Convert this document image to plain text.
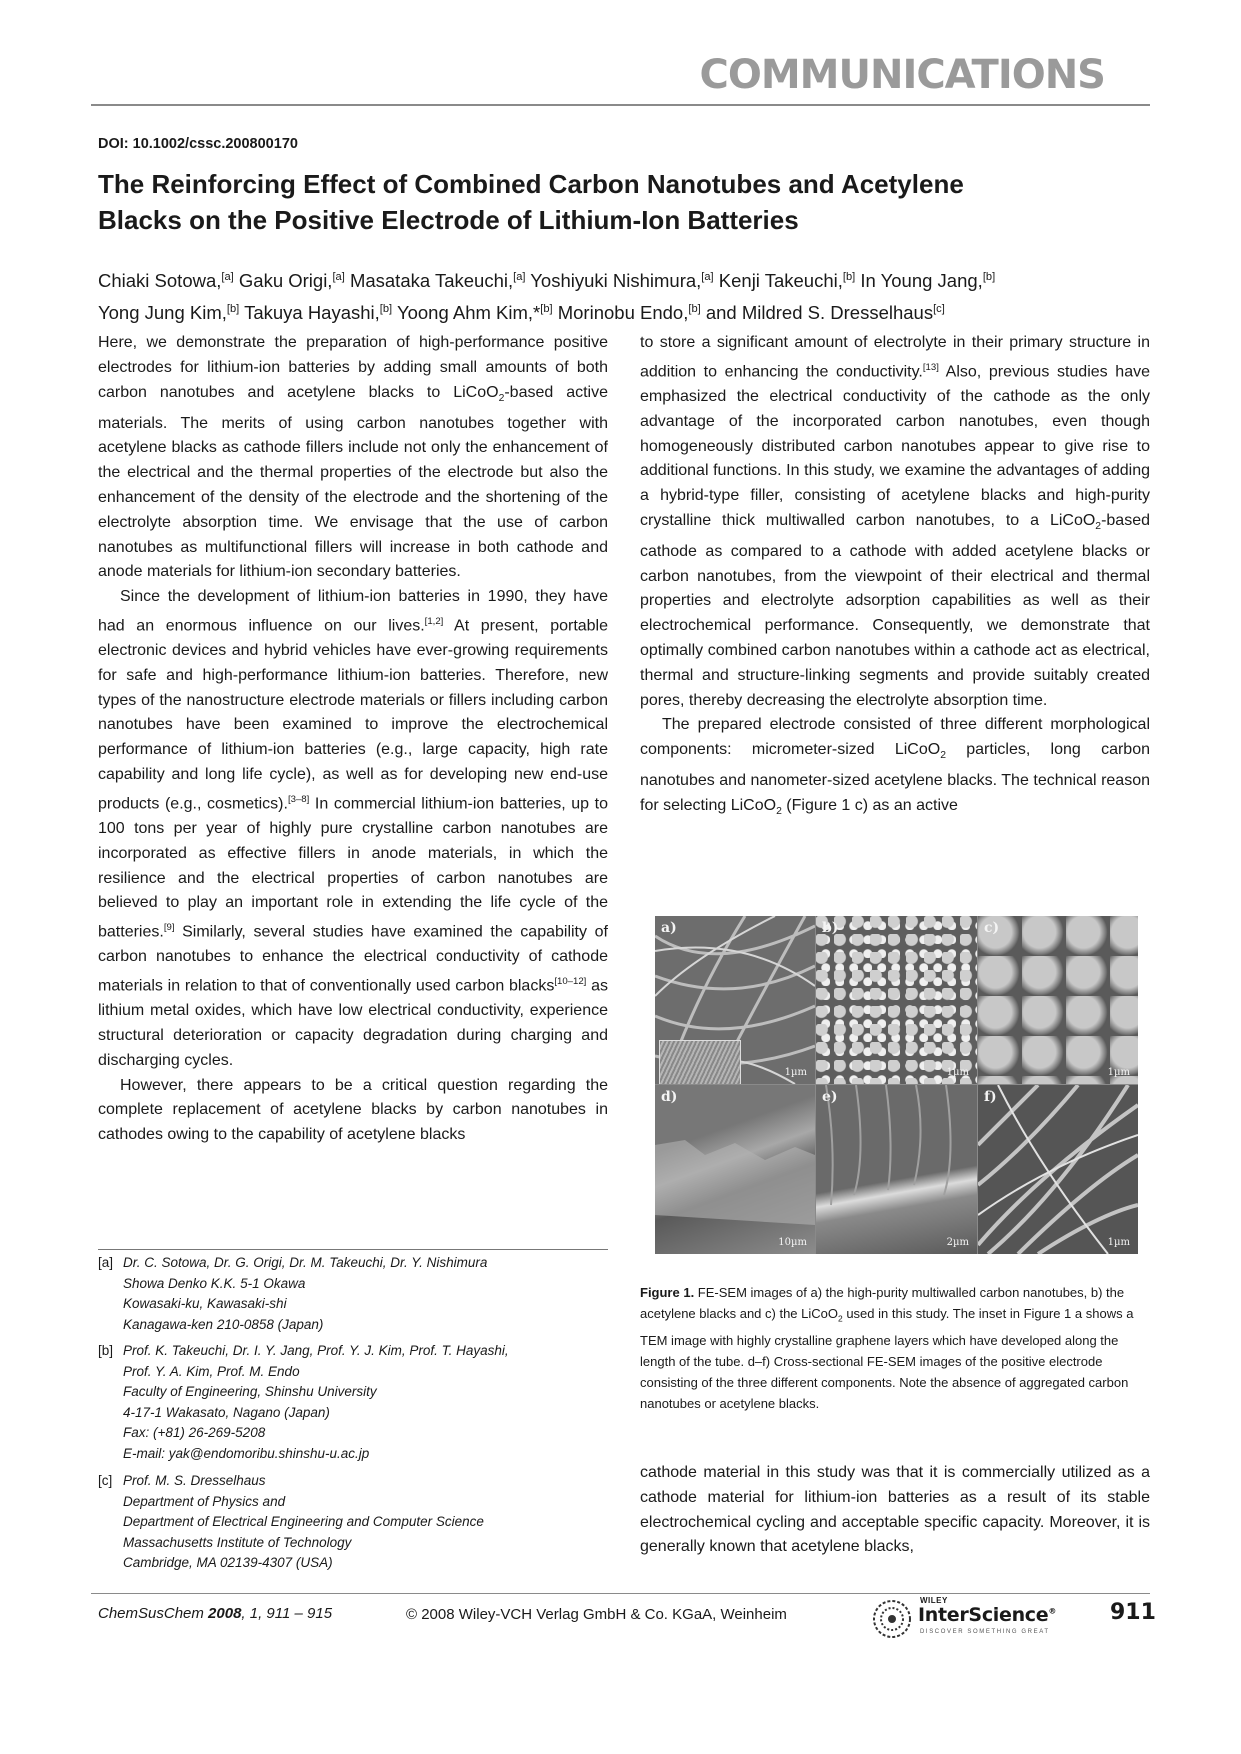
COMMUNICATIONS
DOI: 10.1002/cssc.200800170
The Reinforcing Effect of Combined Carbon Nanotubes and Acetylene
Blacks on the Positive Electrode of Lithium-Ion Batteries
Chiaki Sotowa,[a] Gaku Origi,[a] Masataka Takeuchi,[a] Yoshiyuki Nishimura,[a] Kenji Takeuchi,[b] In Young Jang,[b]
Yong Jung Kim,[b] Takuya Hayashi,[b] Yoong Ahm Kim,*[b] Morinobu Endo,[b] and Mildred S. Dresselhaus[c]

Here, we demonstrate the preparation of high-performance positive electrodes for lithium-ion batteries by adding small amounts of both carbon nanotubes and acetylene blacks to LiCoO$_2$-based active materials. The merits of using carbon nanotubes together with acetylene blacks as cathode fillers include not only the enhancement of the electrical and the thermal properties of the electrode but also the enhancement of the density of the electrode and the shortening of the electrolyte absorption time. We envisage that the use of carbon nanotubes as multifunctional fillers will increase in both cathode and anode materials for lithium-ion secondary batteries.

Since the development of lithium-ion batteries in 1990, they have had an enormous influence on our lives.[1,2] At present, portable electronic devices and hybrid vehicles have ever-growing requirements for safe and high-performance lithium-ion batteries. Therefore, new types of the nanostructure electrode materials or fillers including carbon nanotubes have been examined to improve the electrochemical performance of lithium-ion batteries (e.g., large capacity, high rate capability and long life cycle), as well as for developing new end-use products (e.g., cosmetics).[3–8] In commercial lithium-ion batteries, up to 100 tons per year of highly pure crystalline carbon nanotubes are incorporated as effective fillers in anode materials, in which the resilience and the electrical properties of carbon nanotubes are believed to play an important role in extending the life cycle of the batteries.[9] Similarly, several studies have examined the capability of carbon nanotubes to enhance the electrical conductivity of cathode materials in relation to that of conventionally used carbon blacks[10–12] as lithium metal oxides, which have low electrical conductivity, experience structural deterioration or capacity degradation during charging and discharging cycles.

However, there appears to be a critical question regarding the complete replacement of acetylene blacks by carbon nanotubes in cathodes owing to the capability of acetylene blacks

to store a significant amount of electrolyte in their primary structure in addition to enhancing the conductivity.[13] Also, previous studies have emphasized the electrical conductivity of the cathode as the only advantage of the incorporated carbon nanotubes, even though homogeneously distributed carbon nanotubes appear to give rise to additional functions. In this study, we examine the advantages of adding a hybrid-type filler, consisting of acetylene blacks and high-purity crystalline thick multiwalled carbon nanotubes, to a LiCoO$_2$-based cathode as compared to a cathode with added acetylene blacks or carbon nanotubes, from the viewpoint of their electrical and thermal properties and electrolyte adsorption capabilities as well as their electrochemical performance. Consequently, we demonstrate that optimally combined carbon nanotubes within a cathode act as electrical, thermal and structure-linking segments and provide suitably created pores, thereby decreasing the electrolyte absorption time.

The prepared electrode consisted of three different morphological components: micrometer-sized LiCoO$_2$ particles, long carbon nanotubes and nanometer-sized acetylene blacks. The technical reason for selecting LiCoO$_2$ (Figure 1 c) as an active

a)
1µm
b)
1µm
c)
1µm
d)
10µm
e)
2µm
f)
1µm
Figure 1. FE-SEM images of a) the high-purity multiwalled carbon nanotubes, b) the acetylene blacks and c) the LiCoO$_2$ used in this study. The inset in Figure 1 a shows a TEM image with highly crystalline graphene layers which have developed along the length of the tube. d–f) Cross-sectional FE-SEM images of the positive electrode consisting of the three different components. Note the absence of aggregated carbon nanotubes or acetylene blacks.

cathode material in this study was that it is commercially utilized as a cathode material for lithium-ion batteries as a result of its stable electrochemical cycling and acceptable specific capacity. Moreover, it is generally known that acetylene blacks,

[a] Dr. C. Sotowa, Dr. G. Origi, Dr. M. Takeuchi, Dr. Y. Nishimura
Showa Denko K.K. 5-1 Okawa
Kowasaki-ku, Kawasaki-shi
Kanagawa-ken 210-0858 (Japan)
[b] Prof. K. Takeuchi, Dr. I. Y. Jang, Prof. Y. J. Kim, Prof. T. Hayashi,
Prof. Y. A. Kim, Prof. M. Endo
Faculty of Engineering, Shinshu University
4-17-1 Wakasato, Nagano (Japan)
Fax: (+81) 26-269-5208
E-mail: yak@endomoribu.shinshu-u.ac.jp
[c] Prof. M. S. Dresselhaus
Department of Physics and
Department of Electrical Engineering and Computer Science
Massachusetts Institute of Technology
Cambridge, MA 02139-4307 (USA)
ChemSusChem 2008, 1, 911 – 915	© 2008 Wiley-VCH Verlag GmbH & Co. KGaA, Weinheim
WILEY
InterScience®
DISCOVER SOMETHING GREAT
911
